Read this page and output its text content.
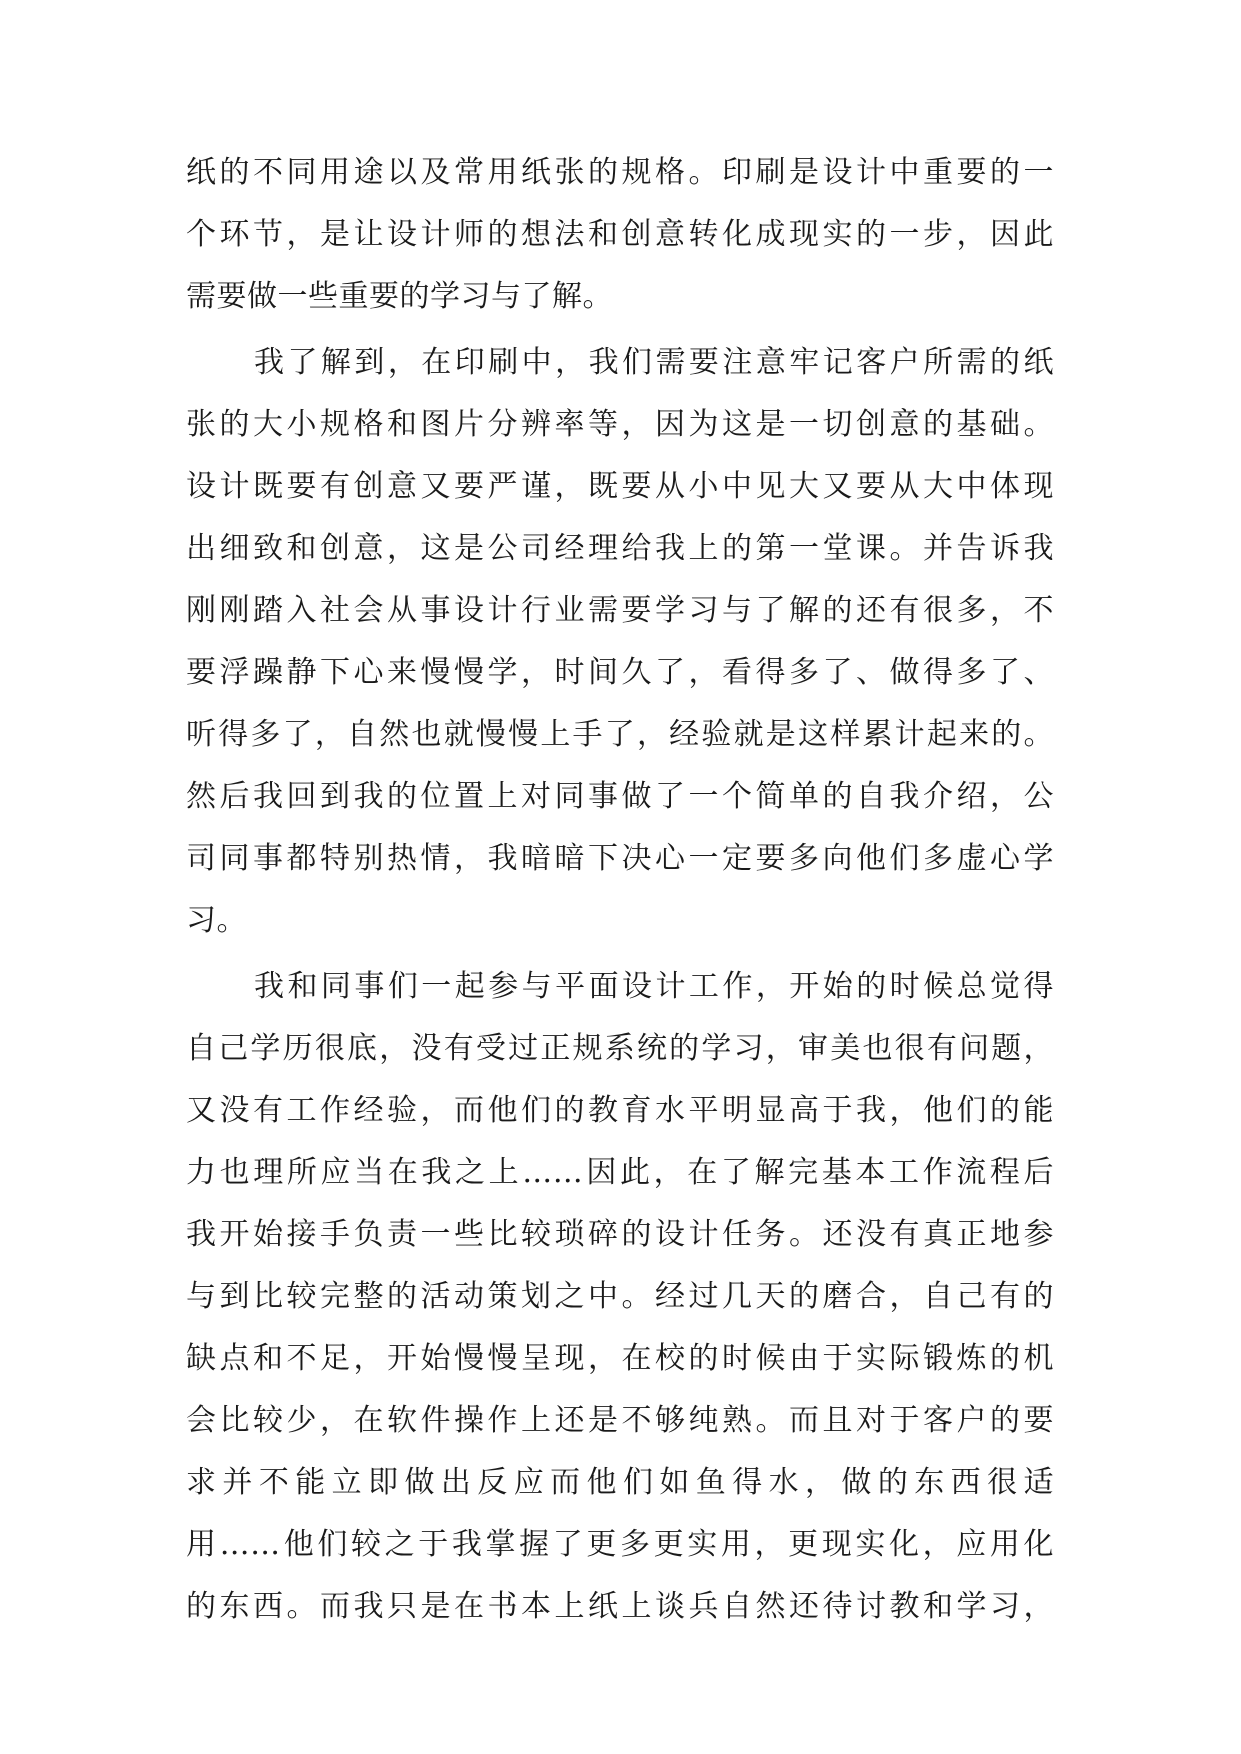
纸的不同用途以及常用纸张的规格。印刷是设计中重要的一
个环节，是让设计师的想法和创意转化成现实的一步，因此
需要做一些重要的学习与了解。
我了解到，在印刷中，我们需要注意牢记客户所需的纸
张的大小规格和图片分辨率等，因为这是一切创意的基础。
设计既要有创意又要严谨，既要从小中见大又要从大中体现
出细致和创意，这是公司经理给我上的第一堂课。并告诉我
刚刚踏入社会从事设计行业需要学习与了解的还有很多，不
要浮躁静下心来慢慢学，时间久了，看得多了、做得多了、
听得多了，自然也就慢慢上手了，经验就是这样累计起来的。
然后我回到我的位置上对同事做了一个简单的自我介绍，公
司同事都特别热情，我暗暗下决心一定要多向他们多虚心学
习。
我和同事们一起参与平面设计工作，开始的时候总觉得
自己学历很底，没有受过正规系统的学习，审美也很有问题，
又没有工作经验，而他们的教育水平明显高于我，他们的能
力也理所应当在我之上……因此，在了解完基本工作流程后
我开始接手负责一些比较琐碎的设计任务。还没有真正地参
与到比较完整的活动策划之中。经过几天的磨合，自己有的
缺点和不足，开始慢慢呈现，在校的时候由于实际锻炼的机
会比较少，在软件操作上还是不够纯熟。而且对于客户的要
求并不能立即做出反应而他们如鱼得水，做的东西很适
用……他们较之于我掌握了更多更实用，更现实化，应用化
的东西。而我只是在书本上纸上谈兵自然还待讨教和学习，
